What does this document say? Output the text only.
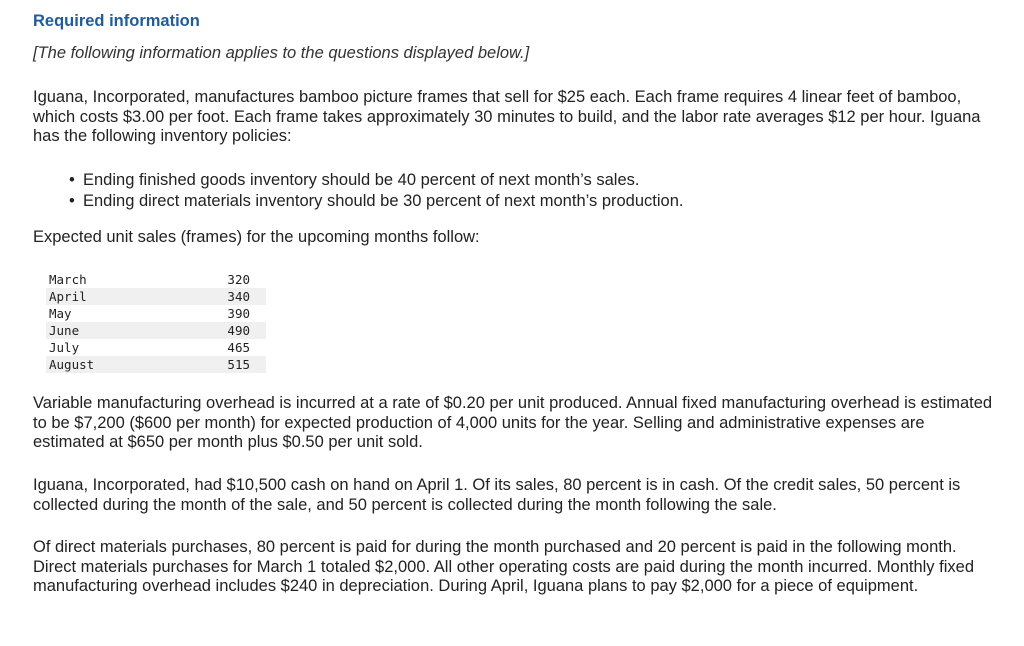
Required information
[The following information applies to the questions displayed below.]

Iguana, Incorporated, manufactures bamboo picture frames that sell for $25 each. Each frame requires 4 linear feet of bamboo, which costs $3.00 per foot. Each frame takes approximately 30 minutes to build, and the labor rate averages $12 per hour. Iguana has the following inventory policies:

• Ending finished goods inventory should be 40 percent of next month’s sales.
• Ending direct materials inventory should be 30 percent of next month’s production.
Expected unit sales (frames) for the upcoming months follow:
March	320
April	340
May	390
June	490
July	465
August	515

Variable manufacturing overhead is incurred at a rate of $0.20 per unit produced. Annual fixed manufacturing overhead is estimated to be $7,200 ($600 per month) for expected production of 4,000 units for the year. Selling and administrative expenses are estimated at $650 per month plus $0.50 per unit sold.

Iguana, Incorporated, had $10,500 cash on hand on April 1. Of its sales, 80 percent is in cash. Of the credit sales, 50 percent is collected during the month of the sale, and 50 percent is collected during the month following the sale.

Of direct materials purchases, 80 percent is paid for during the month purchased and 20 percent is paid in the following month. Direct materials purchases for March 1 totaled $2,000. All other operating costs are paid during the month incurred. Monthly fixed manufacturing overhead includes $240 in depreciation. During April, Iguana plans to pay $2,000 for a piece of equipment.
